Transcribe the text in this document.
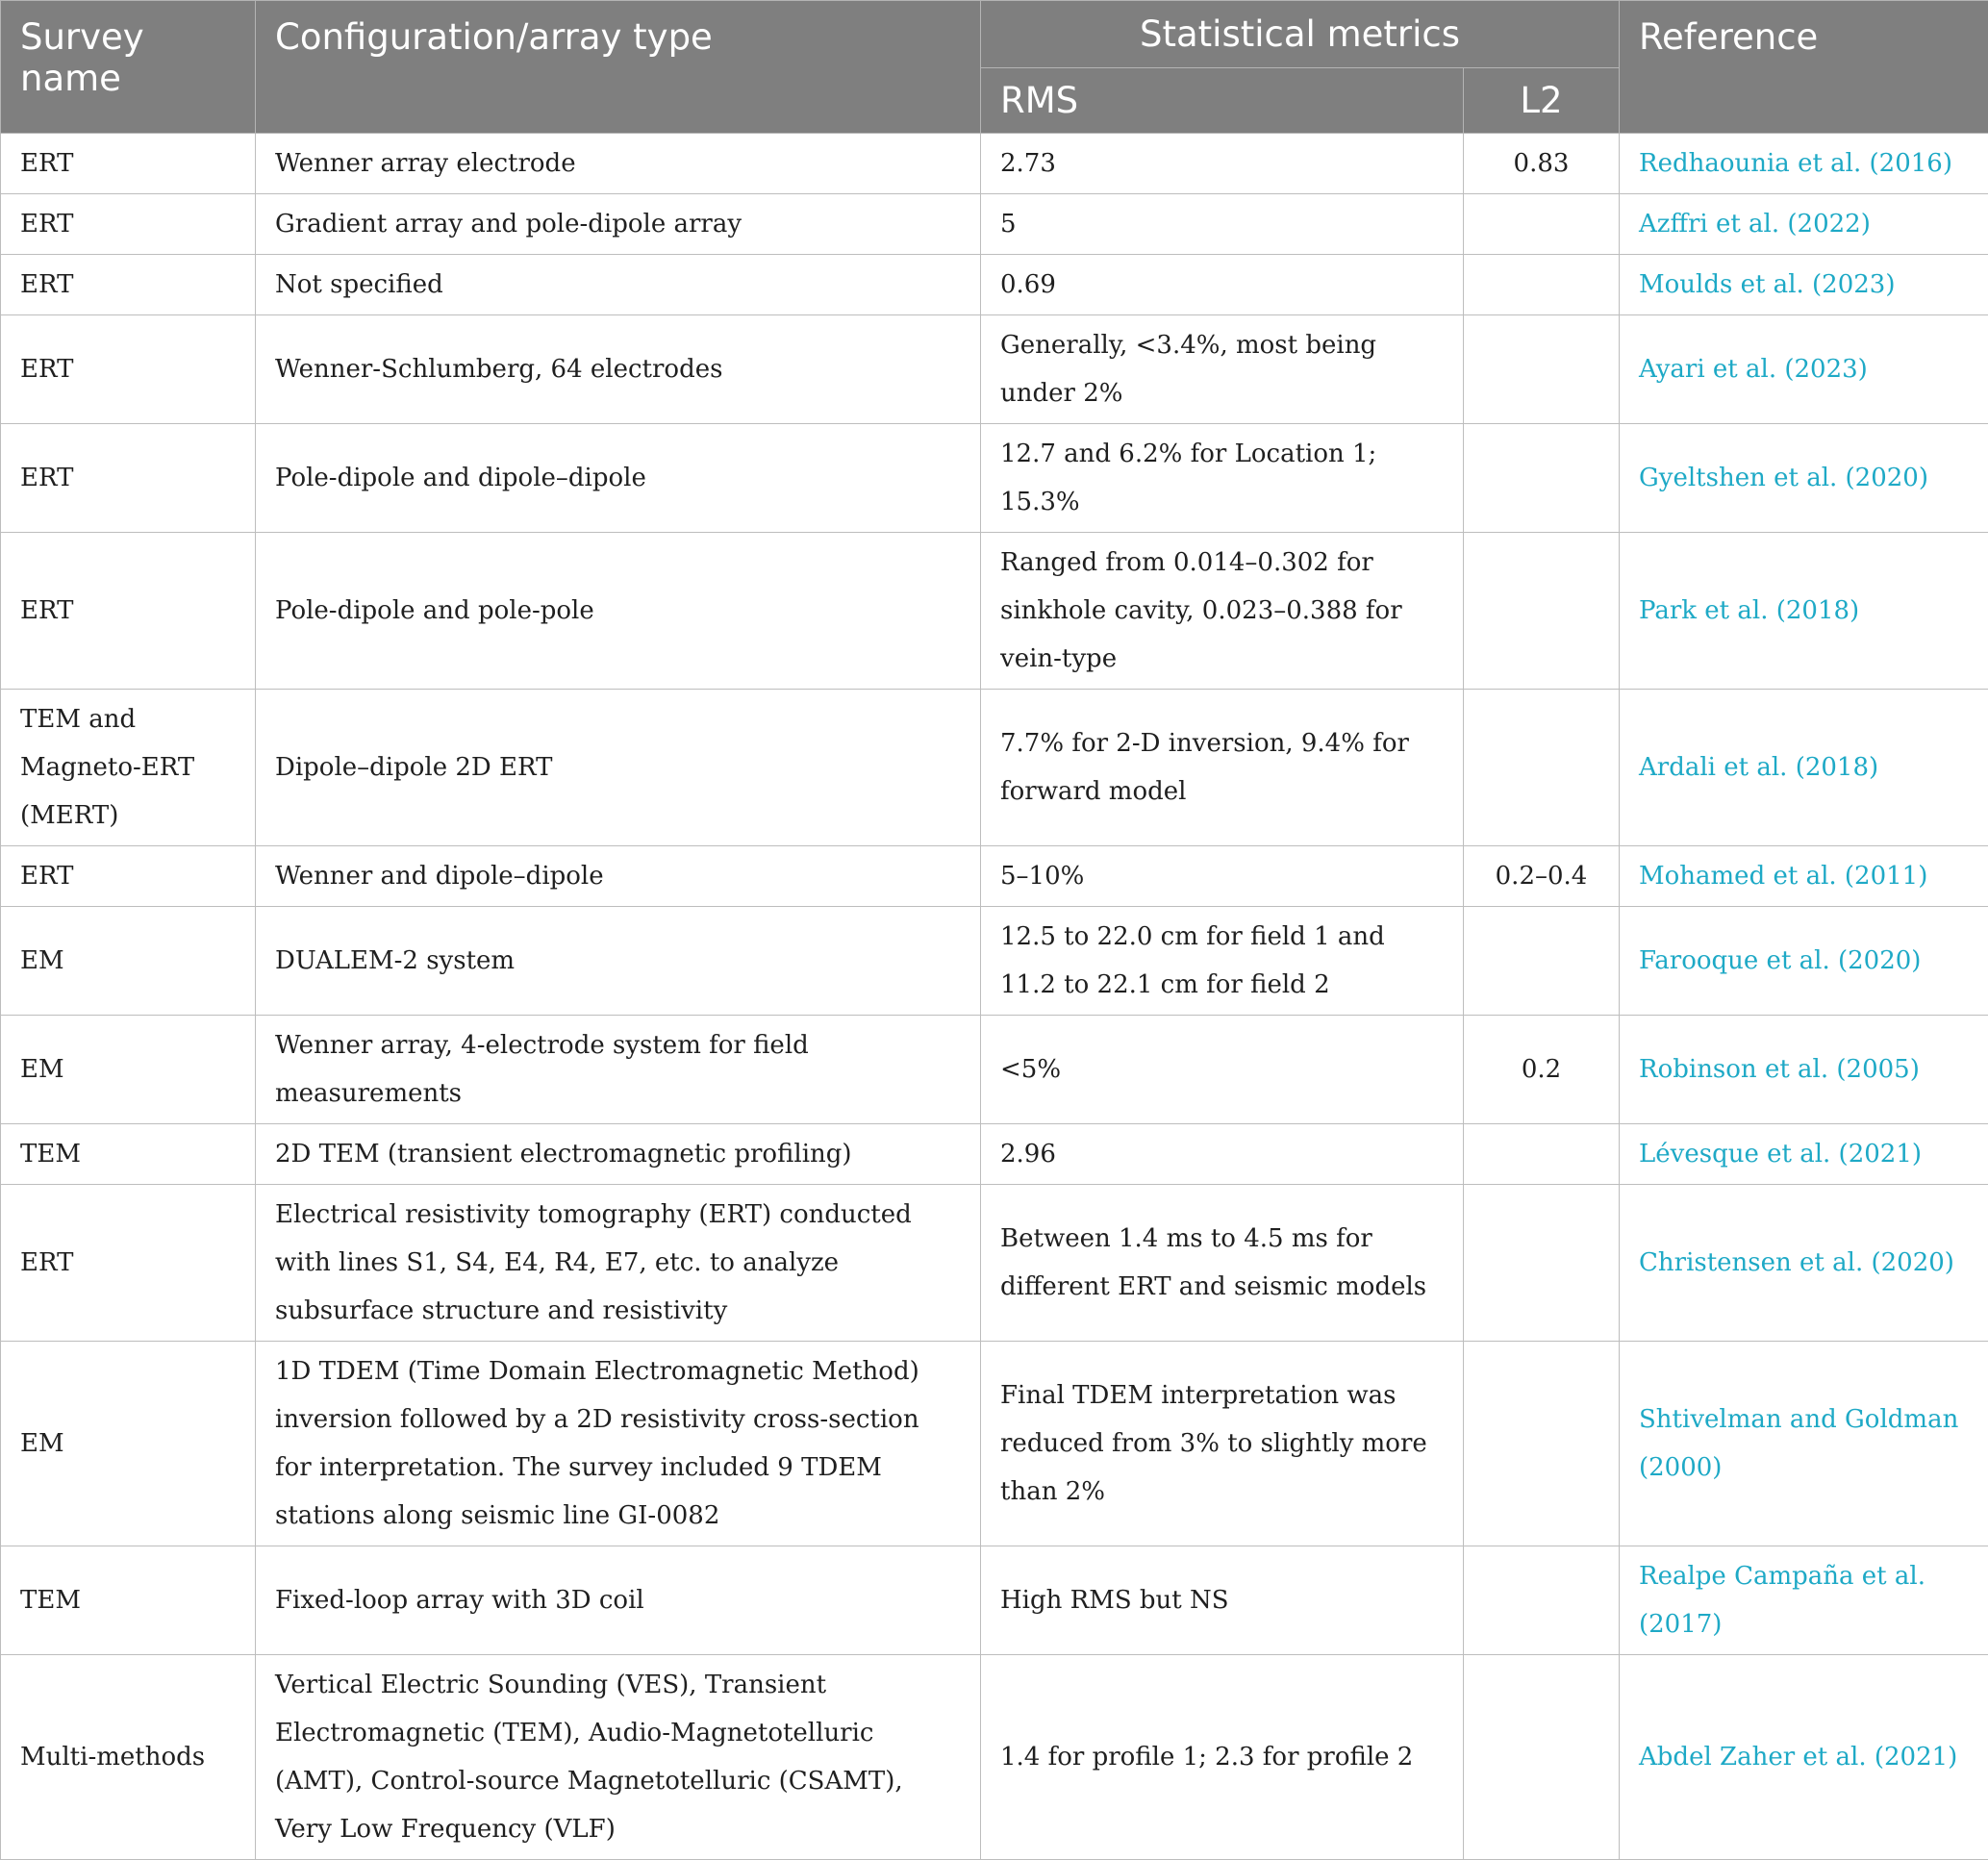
Survey name	Configuration/array type	Statistical metrics		Reference
		RMS	L2	
ERT	Wenner array electrode	2.73	0.83	Redhaounia et al. (2016)
ERT	Gradient array and pole-dipole array	5		Azffri et al. (2022)
ERT	Not specified	0.69		Moulds et al. (2023)
ERT	Wenner-Schlumberg, 64 electrodes	Generally, <3.4%, most being under 2%		Ayari et al. (2023)
ERT	Pole-dipole and dipole–dipole	12.7 and 6.2% for Location 1; 15.3%		Gyeltshen et al. (2020)
ERT	Pole-dipole and pole-pole	Ranged from 0.014–0.302 for sinkhole cavity, 0.023–0.388 for vein-type		Park et al. (2018)
TEM and Magneto-ERT (MERT)	Dipole–dipole 2D ERT	7.7% for 2-D inversion, 9.4% for forward model		Ardali et al. (2018)
ERT	Wenner and dipole–dipole	5–10%	0.2–0.4	Mohamed et al. (2011)
EM	DUALEM-2 system	12.5 to 22.0 cm for field 1 and 11.2 to 22.1 cm for field 2		Farooque et al. (2020)
EM	Wenner array, 4-electrode system for field measurements	<5%	0.2	Robinson et al. (2005)
TEM	2D TEM (transient electromagnetic profiling)	2.96		Lévesque et al. (2021)
ERT	Electrical resistivity tomography (ERT) conducted with lines S1, S4, E4, R4, E7, etc. to analyze subsurface structure and resistivity	Between 1.4 ms to 4.5 ms for different ERT and seismic models		Christensen et al. (2020)
EM	1D TDEM (Time Domain Electromagnetic Method) inversion followed by a 2D resistivity cross-section for interpretation. The survey included 9 TDEM stations along seismic line GI-0082	Final TDEM interpretation was reduced from 3% to slightly more than 2%		Shtivelman and Goldman (2000)
TEM	Fixed-loop array with 3D coil	High RMS but NS		Realpe Campaña et al. (2017)
Multi-methods	Vertical Electric Sounding (VES), Transient Electromagnetic (TEM), Audio-Magnetotelluric (AMT), Control-source Magnetotelluric (CSAMT), Very Low Frequency (VLF)	1.4 for profile 1; 2.3 for profile 2		Abdel Zaher et al. (2021)
